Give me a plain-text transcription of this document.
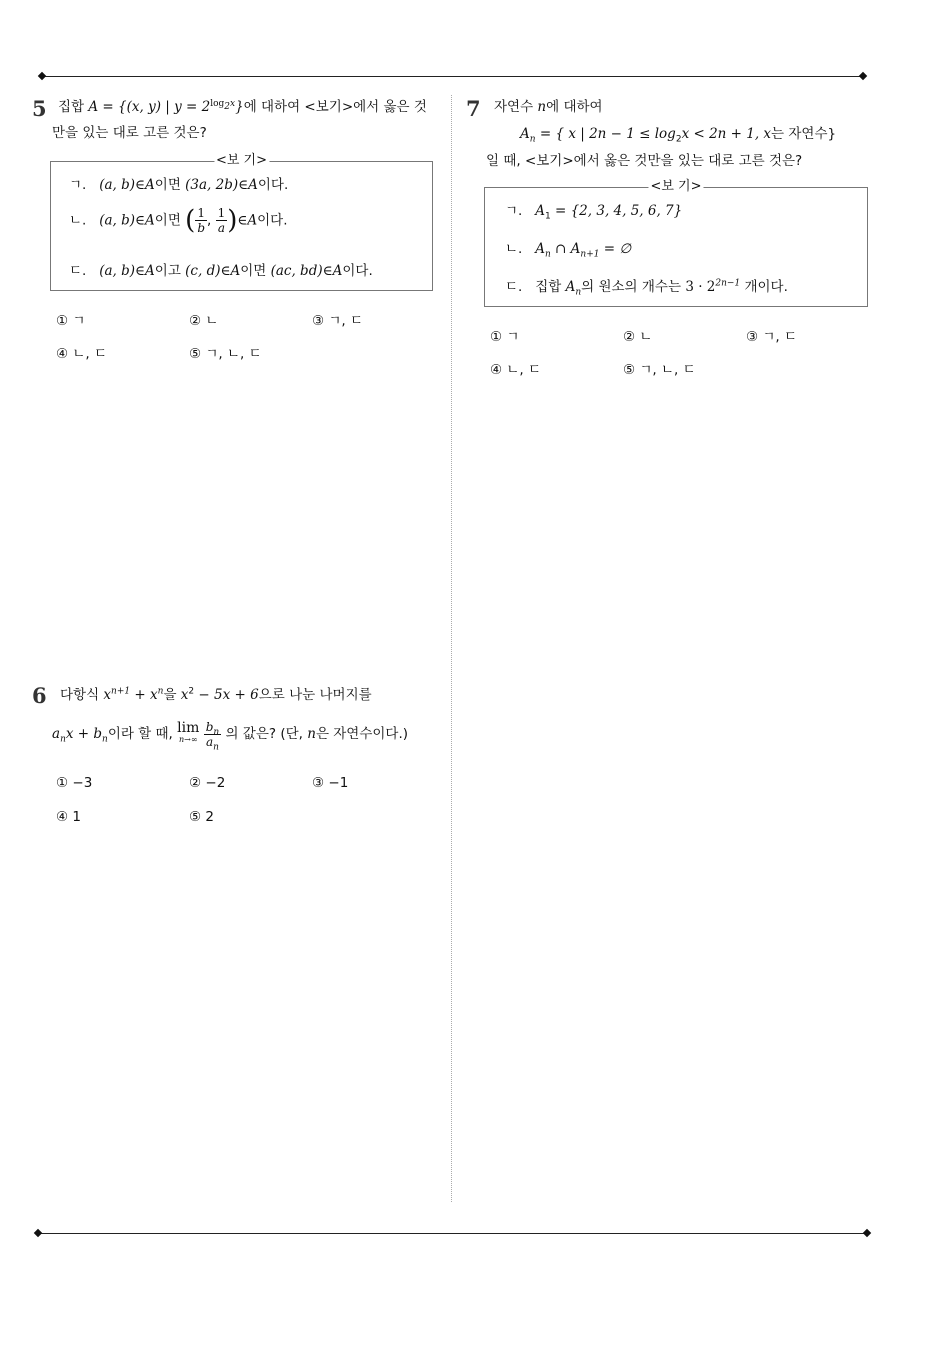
5 집합 A = {(x, y) | $y = 2^{log_2x}$}에 대하여 <보기>에서 옳은 것
만을 있는 대로 고른 것은?
<보 기>
ㄱ. (a, b)∈A이면 (3a, 2b)∈A이다.
ㄴ. (a, b)∈A이면 ( $\frac{1}{b}$ , $\frac{1}{a}$ )∈A이다.
ㄷ. (a, b)∈A이고 (c, d)∈A이면 (ac, bd)∈A이다.
① ㄱ	② ㄴ	③ ㄱ, ㄷ
④ ㄴ, ㄷ	⑤ ㄱ, ㄴ, ㄷ
6 다항식 $x^{n+1} + x^n$을 $x^2 - 5x + 6$으로 나눈 나머지를
$a_nx + b_n$이라 할 때, lim
n→∞
$\frac{b_n}{a_n}$ 의 값은? (단, n은 자연수이다.)
① −3	② −2	③ −1
④ 1	⑤ 2
7 자연수 n에 대하여
$A_n$ = { x | $2n - 1 \le \log_2x < 2n + 1$, x는 자연수}
일 때, <보기>에서 옳은 것만을 있는 대로 고른 것은?
<보 기>
ㄱ. $A_1 = \{2$, 3, 4, 5, 6, 7}
ㄴ. $A_n$ ∩ $A_{n+1}$ = ∅
ㄷ. 집합 $A_n$의 원소의 개수는 $3 \cdot 2^{2n-1}$ 개이다.
① ㄱ	② ㄴ	③ ㄱ, ㄷ
④ ㄴ, ㄷ	⑤ ㄱ, ㄴ, ㄷ
